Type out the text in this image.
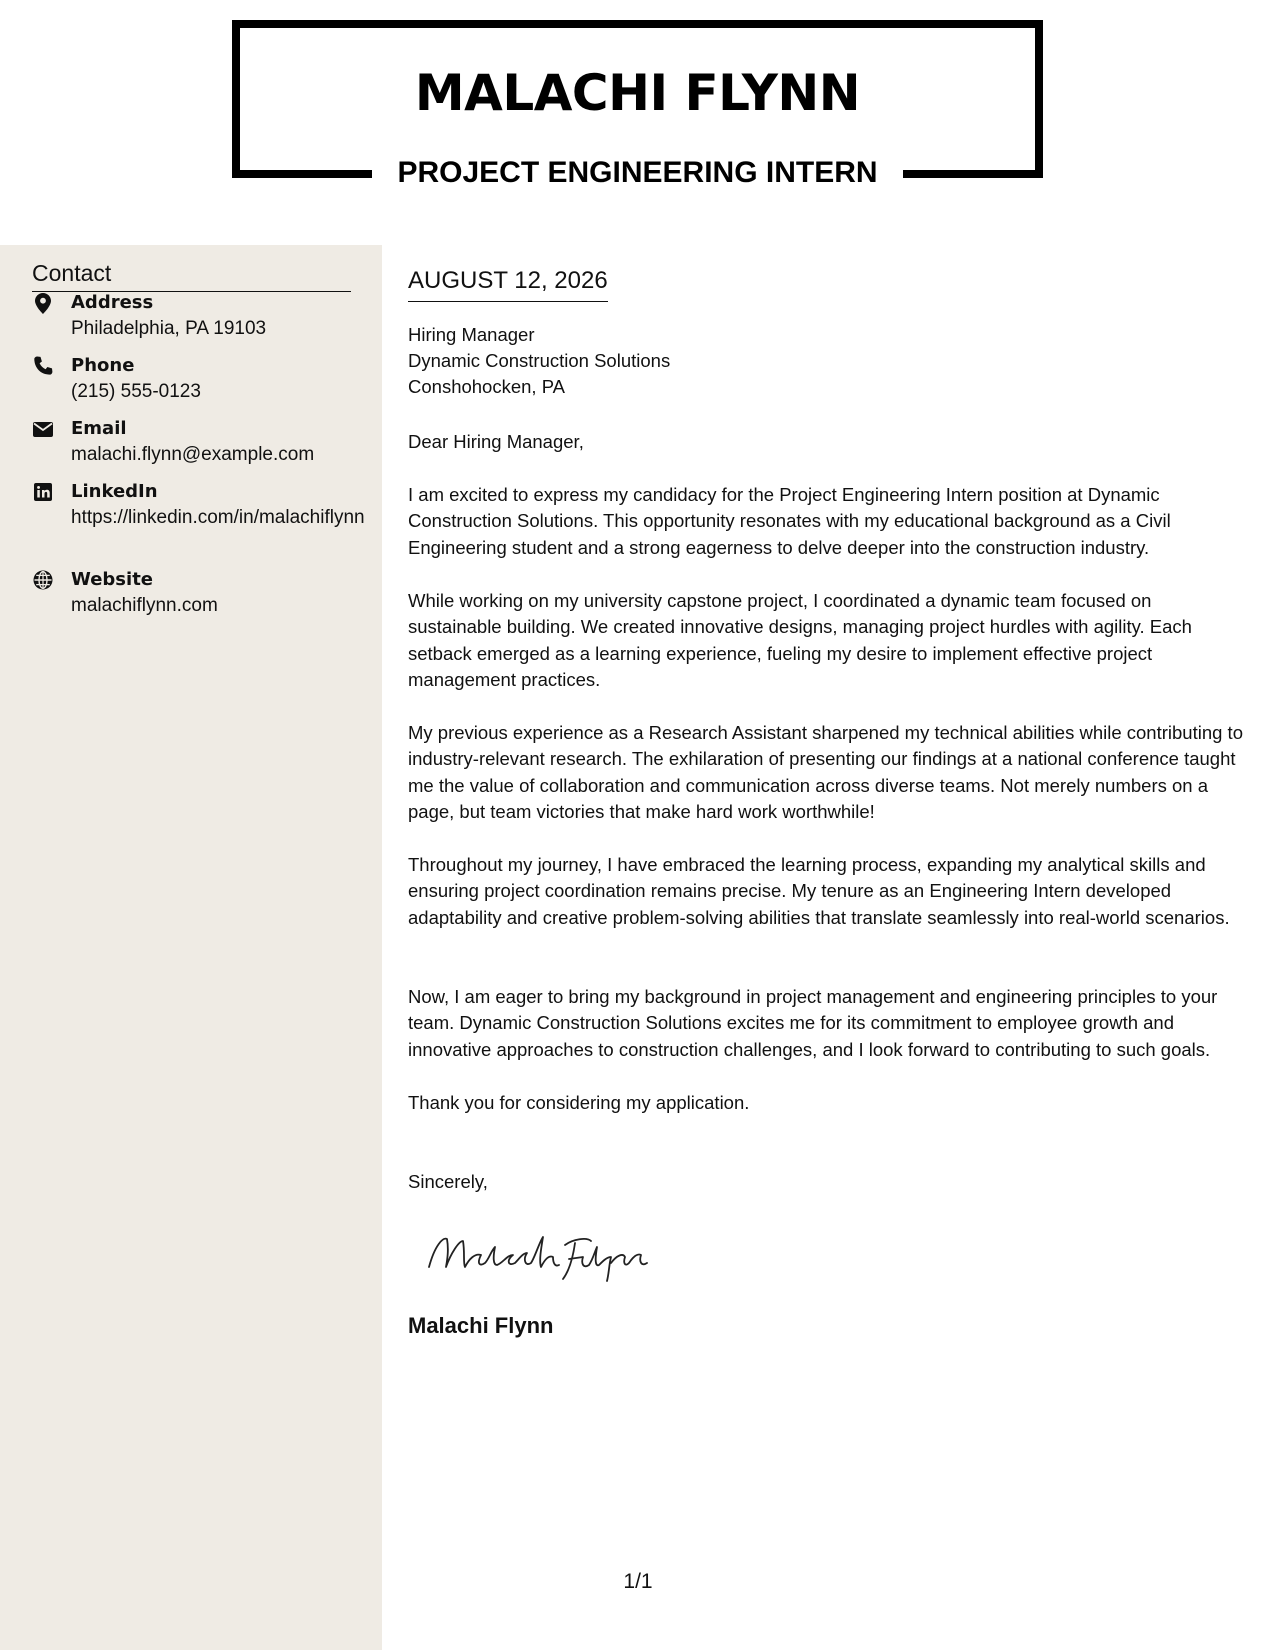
MALACHI FLYNN
PROJECT ENGINEERING INTERN
Contact
Address
Philadelphia, PA 19103
Phone
(215) 555-0123
Email
malachi.flynn@example.com
LinkedIn
https://linkedin.com/in/malachiflynn
Website
malachiflynn.com
AUGUST 12, 2026
Hiring Manager
Dynamic Construction Solutions
Conshohocken, PA
Dear Hiring Manager,

I am excited to express my candidacy for the Project Engineering Intern position at Dynamic Construction Solutions. This opportunity resonates with my educational background as a Civil Engineering student and a strong eagerness to delve deeper into the construction industry.

While working on my university capstone project, I coordinated a dynamic team focused on sustainable building. We created innovative designs, managing project hurdles with agility. Each setback emerged as a learning experience, fueling my desire to implement effective project management practices.

My previous experience as a Research Assistant sharpened my technical abilities while contributing to industry-relevant research. The exhilaration of presenting our findings at a national conference taught me the value of collaboration and communication across diverse teams. Not merely numbers on a page, but team victories that make hard work worthwhile!

Throughout my journey, I have embraced the learning process, expanding my analytical skills and ensuring project coordination remains precise. My tenure as an Engineering Intern developed adaptability and creative problem-solving abilities that translate seamlessly into real-world scenarios.

Now, I am eager to bring my background in project management and engineering principles to your team. Dynamic Construction Solutions excites me for its commitment to employee growth and innovative approaches to construction challenges, and I look forward to contributing to such goals.

Thank you for considering my application.

Sincerely,
Malachi Flynn
1/1
